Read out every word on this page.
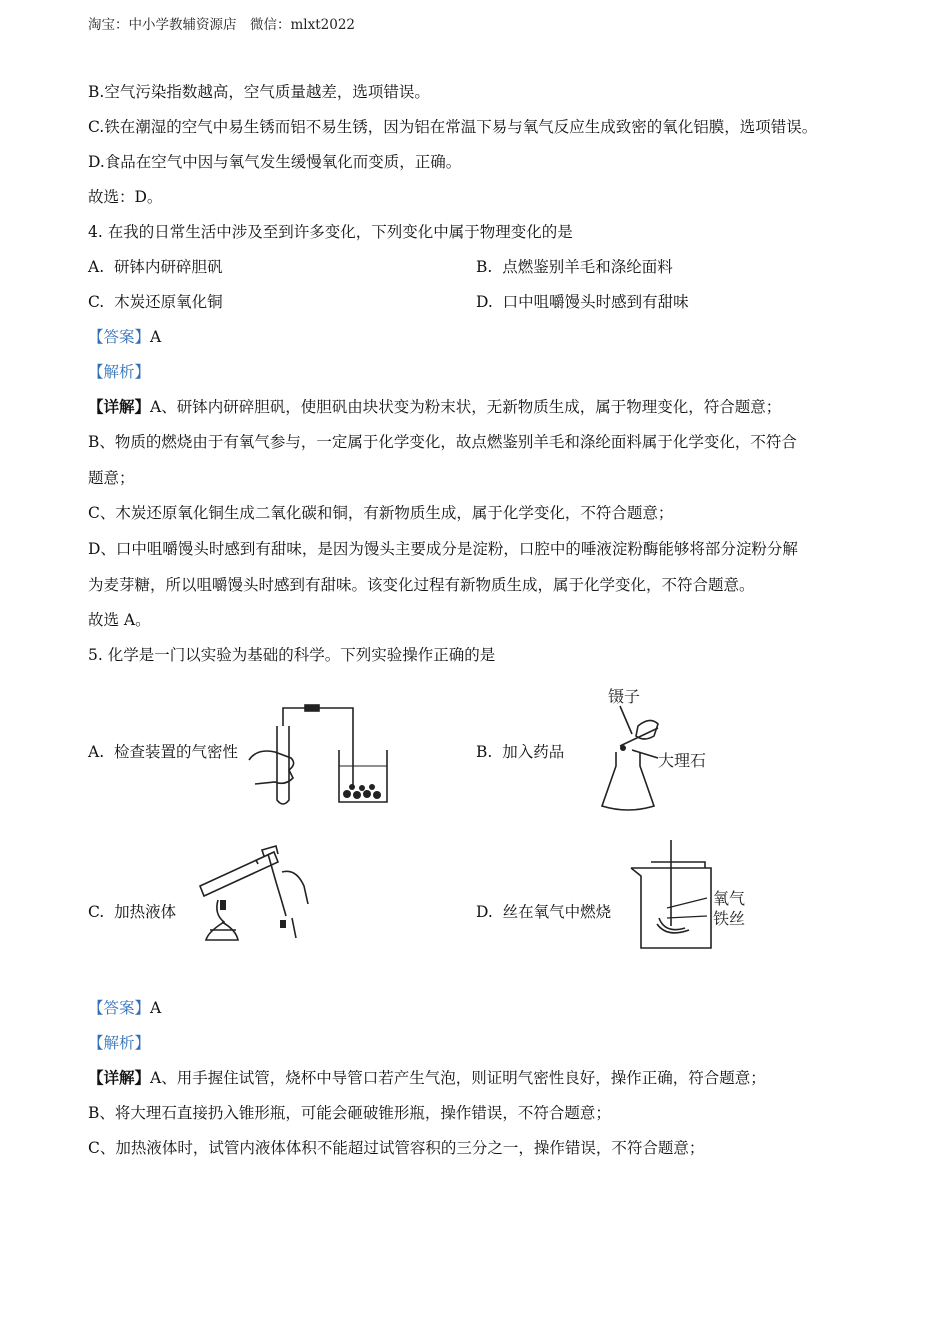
淘宝：中小学教辅资源店　微信：mlxt2022
B.空气污染指数越高，空气质量越差，选项错误。
C.铁在潮湿的空气中易生锈而铝不易生锈，因为铝在常温下易与氧气反应生成致密的氧化铝膜，选项错误。
D.食品在空气中因与氧气发生缓慢氧化而变质，正确。
故选：D。
4. 在我的日常生活中涉及至到许多变化，下列变化中属于物理变化的是
A. 研钵内研碎胆矾	B. 点燃鉴别羊毛和涤纶面料
C. 木炭还原氧化铜	D. 口中咀嚼馒头时感到有甜味
【答案】A
【解析】
【详解】A、研钵内研碎胆矾，使胆矾由块状变为粉末状，无新物质生成，属于物理变化，符合题意；
B、物质的燃烧由于有氧气参与，一定属于化学变化，故点燃鉴别羊毛和涤纶面料属于化学变化，不符合
题意；
C、木炭还原氧化铜生成二氧化碳和铜，有新物质生成，属于化学变化，不符合题意；
D、口中咀嚼馒头时感到有甜味，是因为馒头主要成分是淀粉，口腔中的唾液淀粉酶能够将部分淀粉分解
为麦芽糖，所以咀嚼馒头时感到有甜味。该变化过程有新物质生成，属于化学变化，不符合题意。
故选 A。
5. 化学是一门以实验为基础的科学。下列实验操作正确的是
A. 检查装置的气密性	B. 加入药品
C. 加热液体	D. 丝在氧气中燃烧
镊子
大理石
氧气
铁丝
【答案】A
【解析】
【详解】A、用手握住试管，烧杯中导管口若产生气泡，则证明气密性良好，操作正确，符合题意；
B、将大理石直接扔入锥形瓶，可能会砸破锥形瓶，操作错误，不符合题意；
C、加热液体时，试管内液体体积不能超过试管容积的三分之一，操作错误，不符合题意；
